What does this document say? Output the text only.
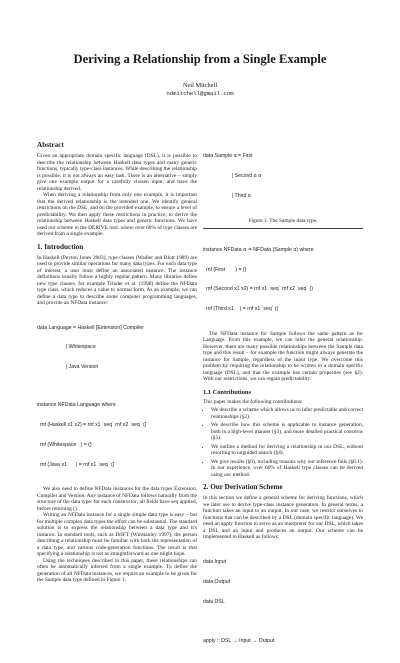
Deriving a Relationship from a Single Example
Neil Mitchell
ndmitchell@gmail.com
Abstract

Given an appropriate domain specific language (DSL), it is possible to describe the relationship between Haskell data types and many generic functions, typically type-class instances. While describing the relationship is possible, it is not always an easy task. There is an alternative – simply give one example output for a carefully chosen input, and have the relationship derived.

When deriving a relationship from only one example, it is important that the derived relationship is the intended one. We identify general restrictions on the DSL, and on the provided example, to ensure a level of predictability. We then apply these restrictions in practice, to derive the relationship between Haskell data types and generic functions. We have used our scheme in the DERIVE tool, where over 60% of type classes are derived from a single example.

1. Introduction

In Haskell (Peyton Jones 2003), type classes (Wadler and Blott 1989) are used to provide similar operations for many data types. For each data type of interest, a user must define an associated instance. The instance definitions usually follow a highly regular pattern. Many libraries define new type classes, for example Trinder et al. (1998) define the NFData type class, which reduces a value to normal form. As an example, we can define a data type to describe some computer programming languages, and provide an NFData instance:

data Language = Haskell [Extension] Compiler

| Whitespace

| Java Version

instance NFData Language where

rnf (Haskell x1 x2) = rnf x1 `seq` rnf x2 `seq` ()

rnf (Whitespace   ) = ()

rnf (Java x1      ) = rnf x1 `seq` ()

We also need to define NFData instances for the data types Extension, Compiler and Version. Any instance of NFData follows naturally from the structure of the data type: for each constructor, all fields have seq applied, before returning ().

Writing an NFData instance for a single simple data type is easy – but for multiple complex data types the effort can be substantial. The standard solution is to express the relationship between a data type and it's instance. In standard tools, such as DrIFT (Winstanley 1997), the person describing a relationship must be familiar with both the representation of a data type, and various code-generation functions. The result is that specifying a relationship is not as straightforward as one might hope.

Using the techniques described in this paper, these relationships can often be automatically inferred from a single example. To define the generation of all NFData instances, we require an example to be given for the Sample data type defined in Figure 1:

data Sample α = First

| Second α α

| Third α

Figure 1. The Sample data type.

instance NFData α ⇒ NFData (Sample α) where

rnf (First       ) = ()

rnf (Second x1 x2) = rnf x1 `seq` rnf x2 `seq` ()

rnf (Third x1    ) = rnf x1 `seq` ()

The NFData instance for Sample follows the same pattern as for Language. From this example, we can infer the general relationship. However, there are many possible relationships between the Sample data type and this result – for example the function might always generate the instance for Sample, regardless of the input type. We overcome this problem by requiring the relationship to be written in a domain specific language (DSL), and that the example has certain properties (see §2). With our restrictions, we can regain predictability.

1.1 Contributions

This paper makes the following contributions:

• We describe a scheme which allows us to infer predictable and correct relationships (§2).
• We describe how this scheme is applicable to instance generation, both in a high-level manner (§3), and more detailed practical concerns (§5).
• We outline a method for deriving a relationship in our DSL, without resorting to unguided search (§4).
• We give results (§6), including reasons why our inference fails (§6.1). In our experience, over 60% of Haskell type classes can be derived using our method.
2. Our Derivation Scheme

In this section we define a general scheme for deriving functions, which we later use to derive type-class instance generators. In general terms, a function takes an input to an output. In our case, we restrict ourselves to functions that can be described by a DSL (domain specific language). We need an apply function to serve as an interpreter for our DSL, which takes a DSL and an input and produces an output. Our scheme can be implemented in Haskell as follows:

data Input

data Output

data DSL

apply :: DSL → Input → Output
